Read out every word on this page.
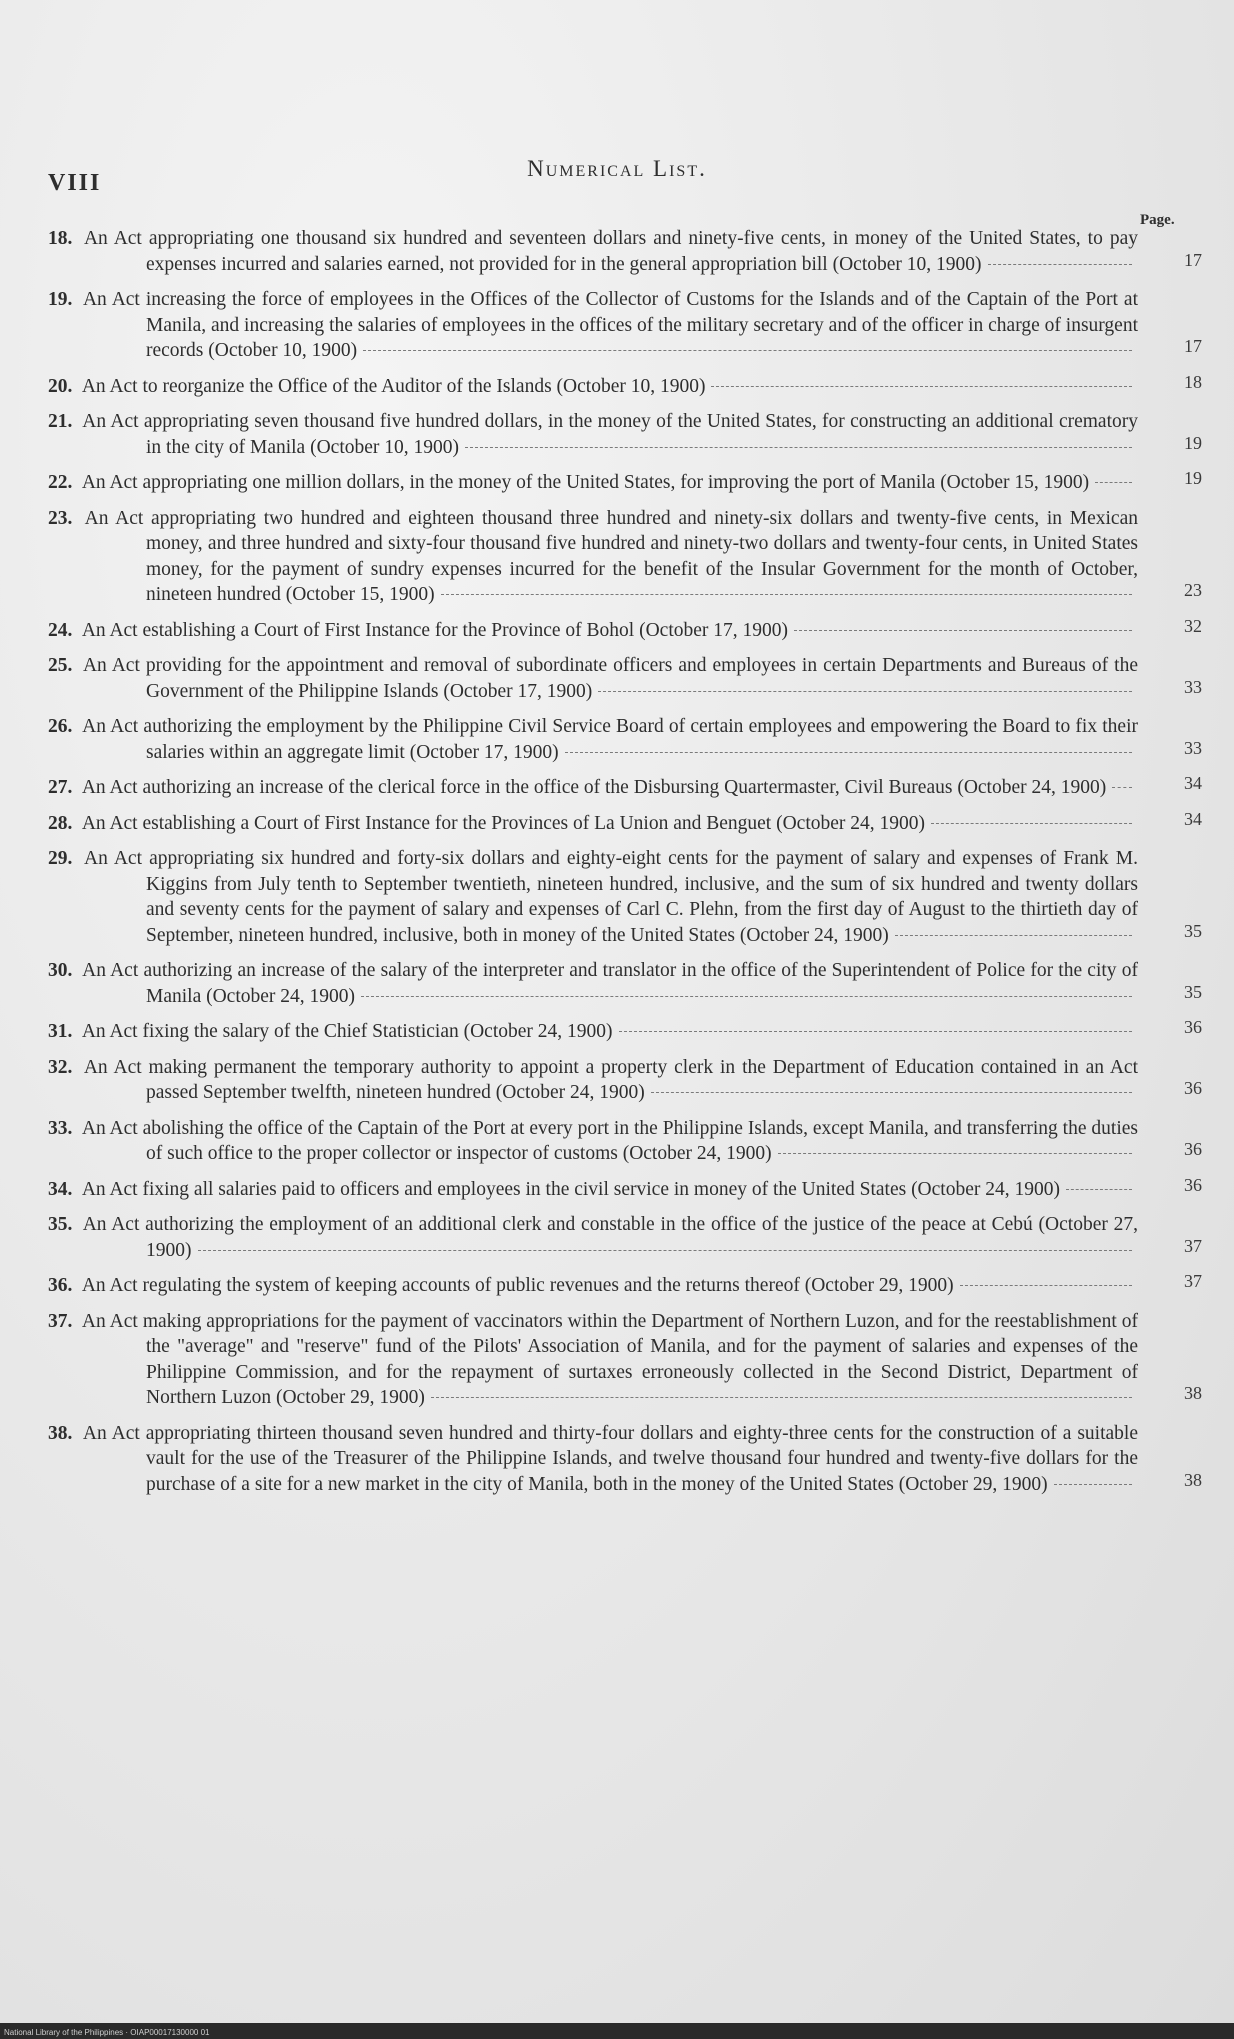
VIII
Numerical List.
Page.
18. An Act appropriating one thousand six hundred and seventeen dollars and ninety-five cents, in money of the United States, to pay expenses incurred and salaries earned, not provided for in the general appropriation bill (October 10, 1900)	17
19. An Act increasing the force of employees in the Offices of the Collector of Customs for the Islands and of the Captain of the Port at Manila, and increasing the salaries of employees in the offices of the military secretary and of the officer in charge of insurgent records (October 10, 1900)	17
20. An Act to reorganize the Office of the Auditor of the Islands (October 10, 1900)	18
21. An Act appropriating seven thousand five hundred dollars, in the money of the United States, for constructing an additional crematory in the city of Manila (October 10, 1900)	19
22. An Act appropriating one million dollars, in the money of the United States, for improving the port of Manila (October 15, 1900)	19
23. An Act appropriating two hundred and eighteen thousand three hundred and ninety-six dollars and twenty-five cents, in Mexican money, and three hundred and sixty-four thousand five hundred and ninety-two dollars and twenty-four cents, in United States money, for the payment of sundry expenses incurred for the benefit of the Insular Government for the month of October, nineteen hundred (October 15, 1900)	23
24. An Act establishing a Court of First Instance for the Province of Bohol (October 17, 1900)	32
25. An Act providing for the appointment and removal of subordinate officers and employees in certain Departments and Bureaus of the Government of the Philippine Islands (October 17, 1900)	33
26. An Act authorizing the employment by the Philippine Civil Service Board of certain employees and empowering the Board to fix their salaries within an aggregate limit (October 17, 1900)	33
27. An Act authorizing an increase of the clerical force in the office of the Disbursing Quartermaster, Civil Bureaus (October 24, 1900)	34
28. An Act establishing a Court of First Instance for the Provinces of La Union and Benguet (October 24, 1900)	34
29. An Act appropriating six hundred and forty-six dollars and eighty-eight cents for the payment of salary and expenses of Frank M. Kiggins from July tenth to September twentieth, nineteen hundred, inclusive, and the sum of six hundred and twenty dollars and seventy cents for the payment of salary and expenses of Carl C. Plehn, from the first day of August to the thirtieth day of September, nineteen hundred, inclusive, both in money of the United States (October 24, 1900)	35
30. An Act authorizing an increase of the salary of the interpreter and translator in the office of the Superintendent of Police for the city of Manila (October 24, 1900)	35
31. An Act fixing the salary of the Chief Statistician (October 24, 1900)	36
32. An Act making permanent the temporary authority to appoint a property clerk in the Department of Education contained in an Act passed September twelfth, nineteen hundred (October 24, 1900)	36
33. An Act abolishing the office of the Captain of the Port at every port in the Philippine Islands, except Manila, and transferring the duties of such office to the proper collector or inspector of customs (October 24, 1900)	36
34. An Act fixing all salaries paid to officers and employees in the civil service in money of the United States (October 24, 1900)	36
35. An Act authorizing the employment of an additional clerk and constable in the office of the justice of the peace at Cebú (October 27, 1900)	37
36. An Act regulating the system of keeping accounts of public revenues and the returns thereof (October 29, 1900)	37
37. An Act making appropriations for the payment of vaccinators within the Department of Northern Luzon, and for the reestablishment of the "average" and "reserve" fund of the Pilots' Association of Manila, and for the payment of salaries and expenses of the Philippine Commission, and for the repayment of surtaxes erroneously collected in the Second District, Department of Northern Luzon (October 29, 1900)	38
38. An Act appropriating thirteen thousand seven hundred and thirty-four dollars and eighty-three cents for the construction of a suitable vault for the use of the Treasurer of the Philippine Islands, and twelve thousand four hundred and twenty-five dollars for the purchase of a site for a new market in the city of Manila, both in the money of the United States (October 29, 1900)	38
National Library of the Philippines · OIAP00017130000 01
